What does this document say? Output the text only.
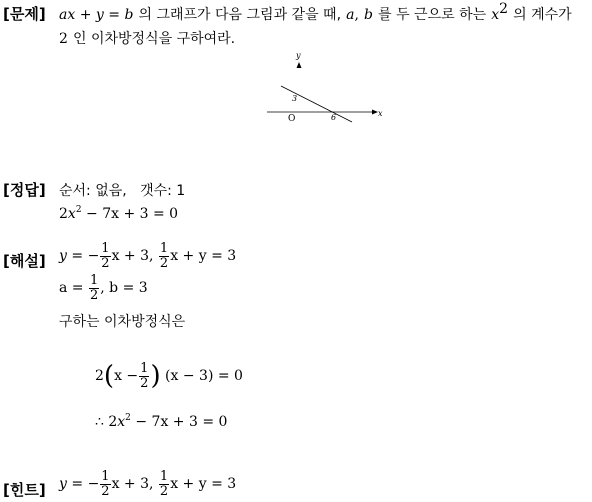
[문제] ax + y = b 의 그래프가 다음 그림과 같을 때, a, b 를 두 근으로 하는 $x^2$ 의 계수가
2 인 이차방정식을 구하여라.
y
x
O
3
6
[정답] 순서: 없음, 갯수: 1
$2x^2 - 7x + 3 = 0$
[해설] y = − $\frac{1}{2}$ x + 3, $\frac{1}{2}$ x + y = 3
$a = \frac{1}{2}$ , b = 3
구하는 이차방정식은
$2(x - \frac{1}{2}$ ) (x − 3) = 0
∴ $2x^2 - 7x + 3 = 0$
[힌트] y = − $\frac{1}{2}$ x + 3, $\frac{1}{2}$ x + y = 3
